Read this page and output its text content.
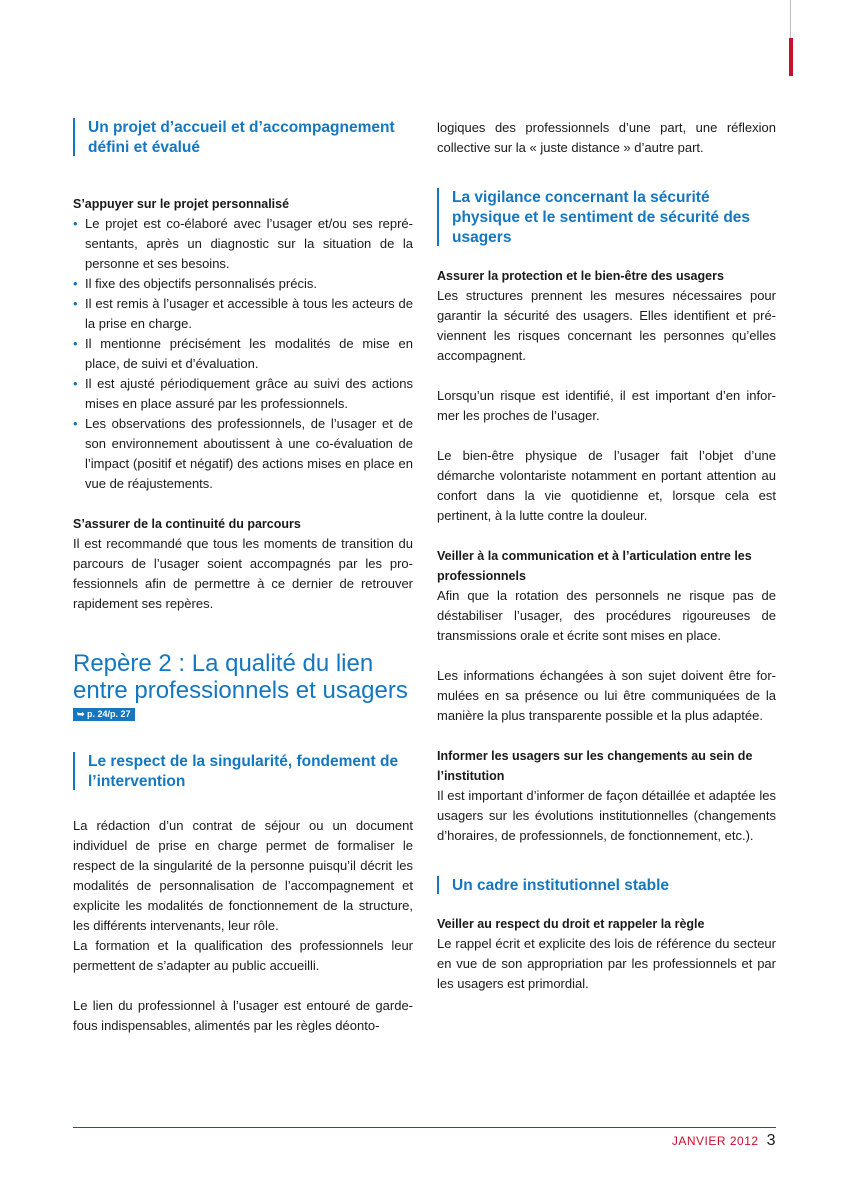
Un projet d’accueil et d’accompagnement défini et évalué
S’appuyer sur le projet personnalisé
• Le projet est co-élaboré avec l’usager et/ou ses repré-sentants, après un diagnostic sur la situation de la personne et ses besoins.
• Il fixe des objectifs personnalisés précis.
• Il est remis à l’usager et accessible à tous les acteurs de la prise en charge.
• Il mentionne précisément les modalités de mise en place, de suivi et d’évaluation.
• Il est ajusté périodiquement grâce au suivi des actions mises en place assuré par les professionnels.
• Les observations des professionnels, de l’usager et de son environnement aboutissent à une co-évaluation de l’impact (positif et négatif) des actions mises en place en vue de réajustements.
S’assurer de la continuité du parcours
Il est recommandé que tous les moments de transition du parcours de l’usager soient accompagnés par les pro-fessionnels afin de permettre à ce dernier de retrouver rapidement ses repères.
Repère 2 : La qualité du lien
entre professionnels et usagers
➥ p. 24/p. 27
Le respect de la singularité, fondement de l’intervention
La rédaction d’un contrat de séjour ou un document individuel de prise en charge permet de formaliser le respect de la singularité de la personne puisqu’il décrit les modalités de personnalisation de l’accompagnement et explicite les modalités de fonctionnement de la structure, les différents intervenants, leur rôle.
La formation et la qualification des professionnels leur permettent de s’adapter au public accueilli.
Le lien du professionnel à l’usager est entouré de garde-fous indispensables, alimentés par les règles déonto-
logiques des professionnels d’une part, une réflexion collective sur la « juste distance » d’autre part.
La vigilance concernant la sécurité physique et le sentiment de sécurité des usagers
Assurer la protection et le bien-être des usagers
Les structures prennent les mesures nécessaires pour garantir la sécurité des usagers. Elles identifient et pré-viennent les risques concernant les personnes qu’elles accompagnent.
Lorsqu’un risque est identifié, il est important d’en infor-mer les proches de l’usager.
Le bien-être physique de l’usager fait l’objet d’une démarche volontariste notamment en portant attention au confort dans la vie quotidienne et, lorsque cela est pertinent, à la lutte contre la douleur.
Veiller à la communication et à l’articulation entre les professionnels
Afin que la rotation des personnels ne risque pas de déstabiliser l’usager, des procédures rigoureuses de transmissions orale et écrite sont mises en place.
Les informations échangées à son sujet doivent être for-mulées en sa présence ou lui être communiquées de la manière la plus transparente possible et la plus adaptée.
Informer les usagers sur les changements au sein de l’institution
Il est important d’informer de façon détaillée et adaptée les usagers sur les évolutions institutionnelles (changements d’horaires, de professionnels, de fonctionnement, etc.).
Un cadre institutionnel stable
Veiller au respect du droit et rappeler la règle
Le rappel écrit et explicite des lois de référence du secteur en vue de son appropriation par les professionnels et par les usagers est primordial.
JANVIER 2012 3
